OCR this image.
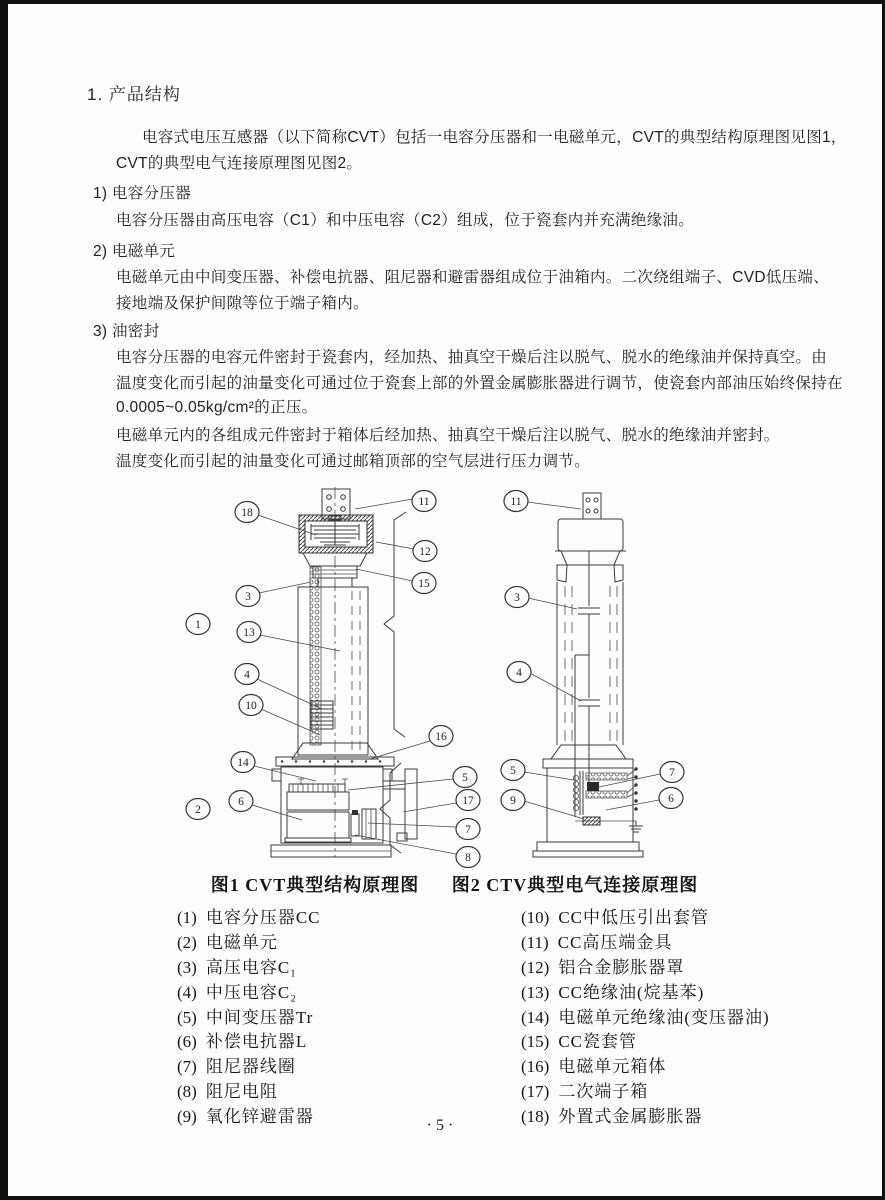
1. 产品结构
电容式电压互感器（以下简称CVT）包括一电容分压器和一电磁单元，CVT的典型结构原理图见图1，
CVT的典型电气连接原理图见图2。
1) 电容分压器
电容分压器由高压电容（C1）和中压电容（C2）组成，位于瓷套内并充满绝缘油。
2) 电磁单元
电磁单元由中间变压器、补偿电抗器、阻尼器和避雷器组成位于油箱内。二次绕组端子、CVD低压端、
接地端及保护间隙等位于端子箱内。
3) 油密封
电容分压器的电容元件密封于瓷套内，经加热、抽真空干燥后注以脱气、脱水的绝缘油并保持真空。由
温度变化而引起的油量变化可通过位于瓷套上部的外置金属膨胀器进行调节，使瓷套内部油压始终保持在
0.0005~0.05kg/cm²的正压。
电磁单元内的各组成元件密封于箱体后经加热、抽真空干燥后注以脱气、脱水的绝缘油并密封。
温度变化而引起的油量变化可通过邮箱顶部的空气层进行压力调节。
11
18
12
15
3
1
13
4
10
16
14
5
2
6	17
7
8
11
3
4
5
9
7
6
图1 CVT典型结构原理图	图2 CTV典型电气连接原理图
(1) 电容分压器CC
(2) 电磁单元
(3) 高压电容C₁
(4) 中压电容C₂
(5) 中间变压器Tr
(6) 补偿电抗器L
(7) 阻尼器线圈
(8) 阻尼电阻
(9) 氧化锌避雷器
(10) CC中低压引出套管
(11) CC高压端金具
(12) 铝合金膨胀器罩
(13) CC绝缘油(烷基苯)
(14) 电磁单元绝缘油(变压器油)
(15) CC瓷套管
(16) 电磁单元箱体
(17) 二次端子箱
(18) 外置式金属膨胀器
· 5 ·
